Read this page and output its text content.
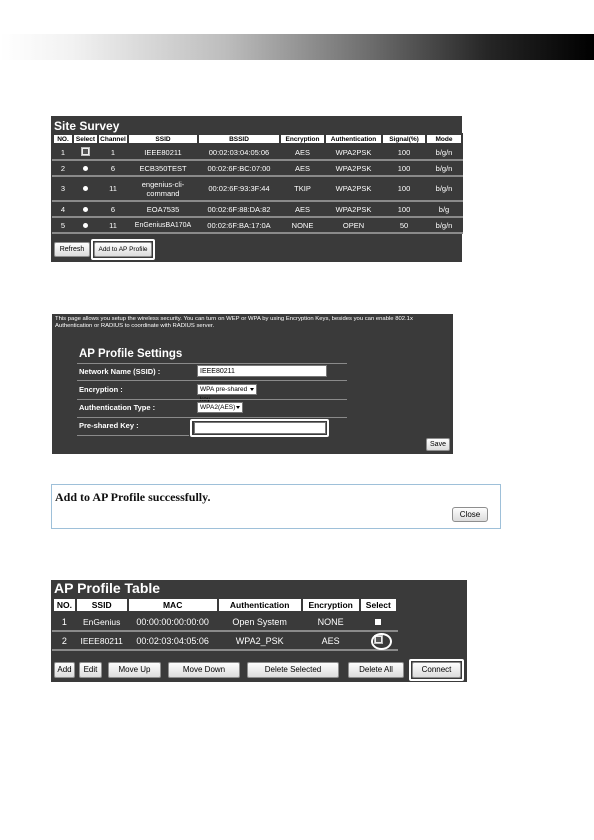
Site Survey
NO.	Select	Channel	SSID	BSSID	Encryption	Authentication	Signal(%)	Mode
1		1	IEEE80211	00:02:03:04:05:06	AES	WPA2PSK	100	b/g/n
2		6	ECB350TEST	00:02:6F:BC:07:00	AES	WPA2PSK	100	b/g/n
3		11	engenius-cli-command	00:02:6F:93:3F:44	TKIP	WPA2PSK	100	b/g/n
4		6	EOA7535	00:02:6F:88:DA:82	AES	WPA2PSK	100	b/g
5		11	EnGeniusBA170A	00:02:6F:BA:17:0A	NONE	OPEN	50	b/g/n
Refresh	Add to AP Profile
This page allows you setup the wireless security. You can turn on WEP or WPA by using Encryption Keys, besides you can enable 802.1x Authentication or RADIUS to coordinate with RADIUS server.
AP Profile Settings
Network Name (SSID) :	IEEE80211
Encryption :	WPA pre-shared
Authentication Type :	WPA2(AES)
Pre-shared Key :
Save
Add to AP Profile successfully.
Close
AP Profile Table
NO.	SSID	MAC	Authentication	Encryption	Select
1	EnGenius	00:00:00:00:00:00	Open System	NONE	
2	IEEE80211	00:02:03:04:05:06	WPA2_PSK	AES	
Add	Edit	Move Up	Move Down	Delete Selected	Delete All	Connect
